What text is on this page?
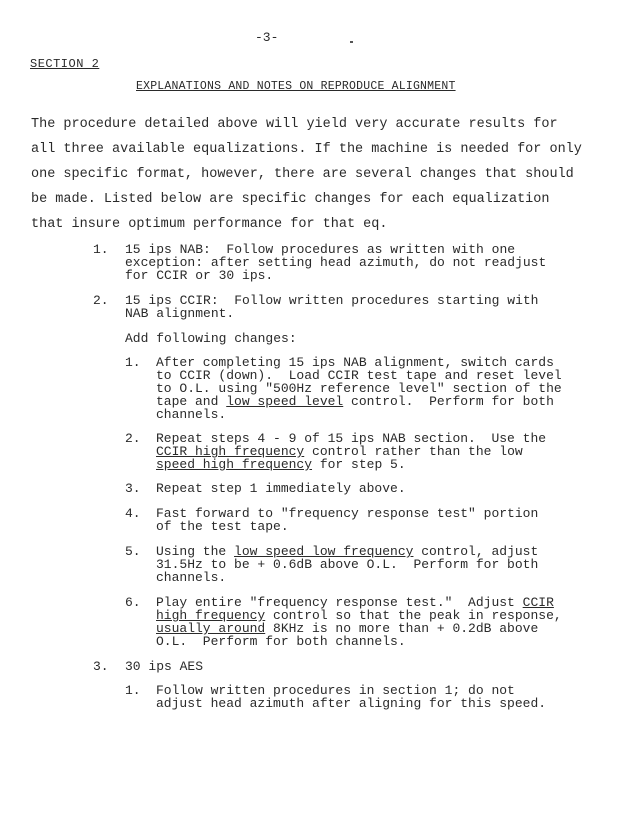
-3-
SECTION 2
EXPLANATIONS AND NOTES ON REPRODUCE ALIGNMENT
The procedure detailed above will yield very accurate results for
all three available equalizations. If the machine is needed for only
one specific format, however, there are several changes that should
be made. Listed below are specific changes for each equalization
that insure optimum performance for that eq.
1. 15 ips NAB:  Follow procedures as written with one
exception: after setting head azimuth, do not readjust
for CCIR or 30 ips.
2. 15 ips CCIR:  Follow written procedures starting with
NAB alignment.
Add following changes:
1. After completing 15 ips NAB alignment, switch cards
to CCIR (down).  Load CCIR test tape and reset level
to O.L. using "500Hz reference level" section of the
tape and low speed level control.  Perform for both
channels.
2. Repeat steps 4 - 9 of 15 ips NAB section.  Use the
CCIR high frequency control rather than the low
speed high frequency for step 5.
3. Repeat step 1 immediately above.
4. Fast forward to "frequency response test" portion
of the test tape.
5. Using the low speed low frequency control, adjust
31.5Hz to be + 0.6dB above O.L.  Perform for both
channels.
6. Play entire "frequency response test."  Adjust CCIR
high frequency control so that the peak in response,
usually around 8KHz is no more than + 0.2dB above
O.L.  Perform for both channels.
3. 30 ips AES
1. Follow written procedures in section 1; do not
adjust head azimuth after aligning for this speed.
